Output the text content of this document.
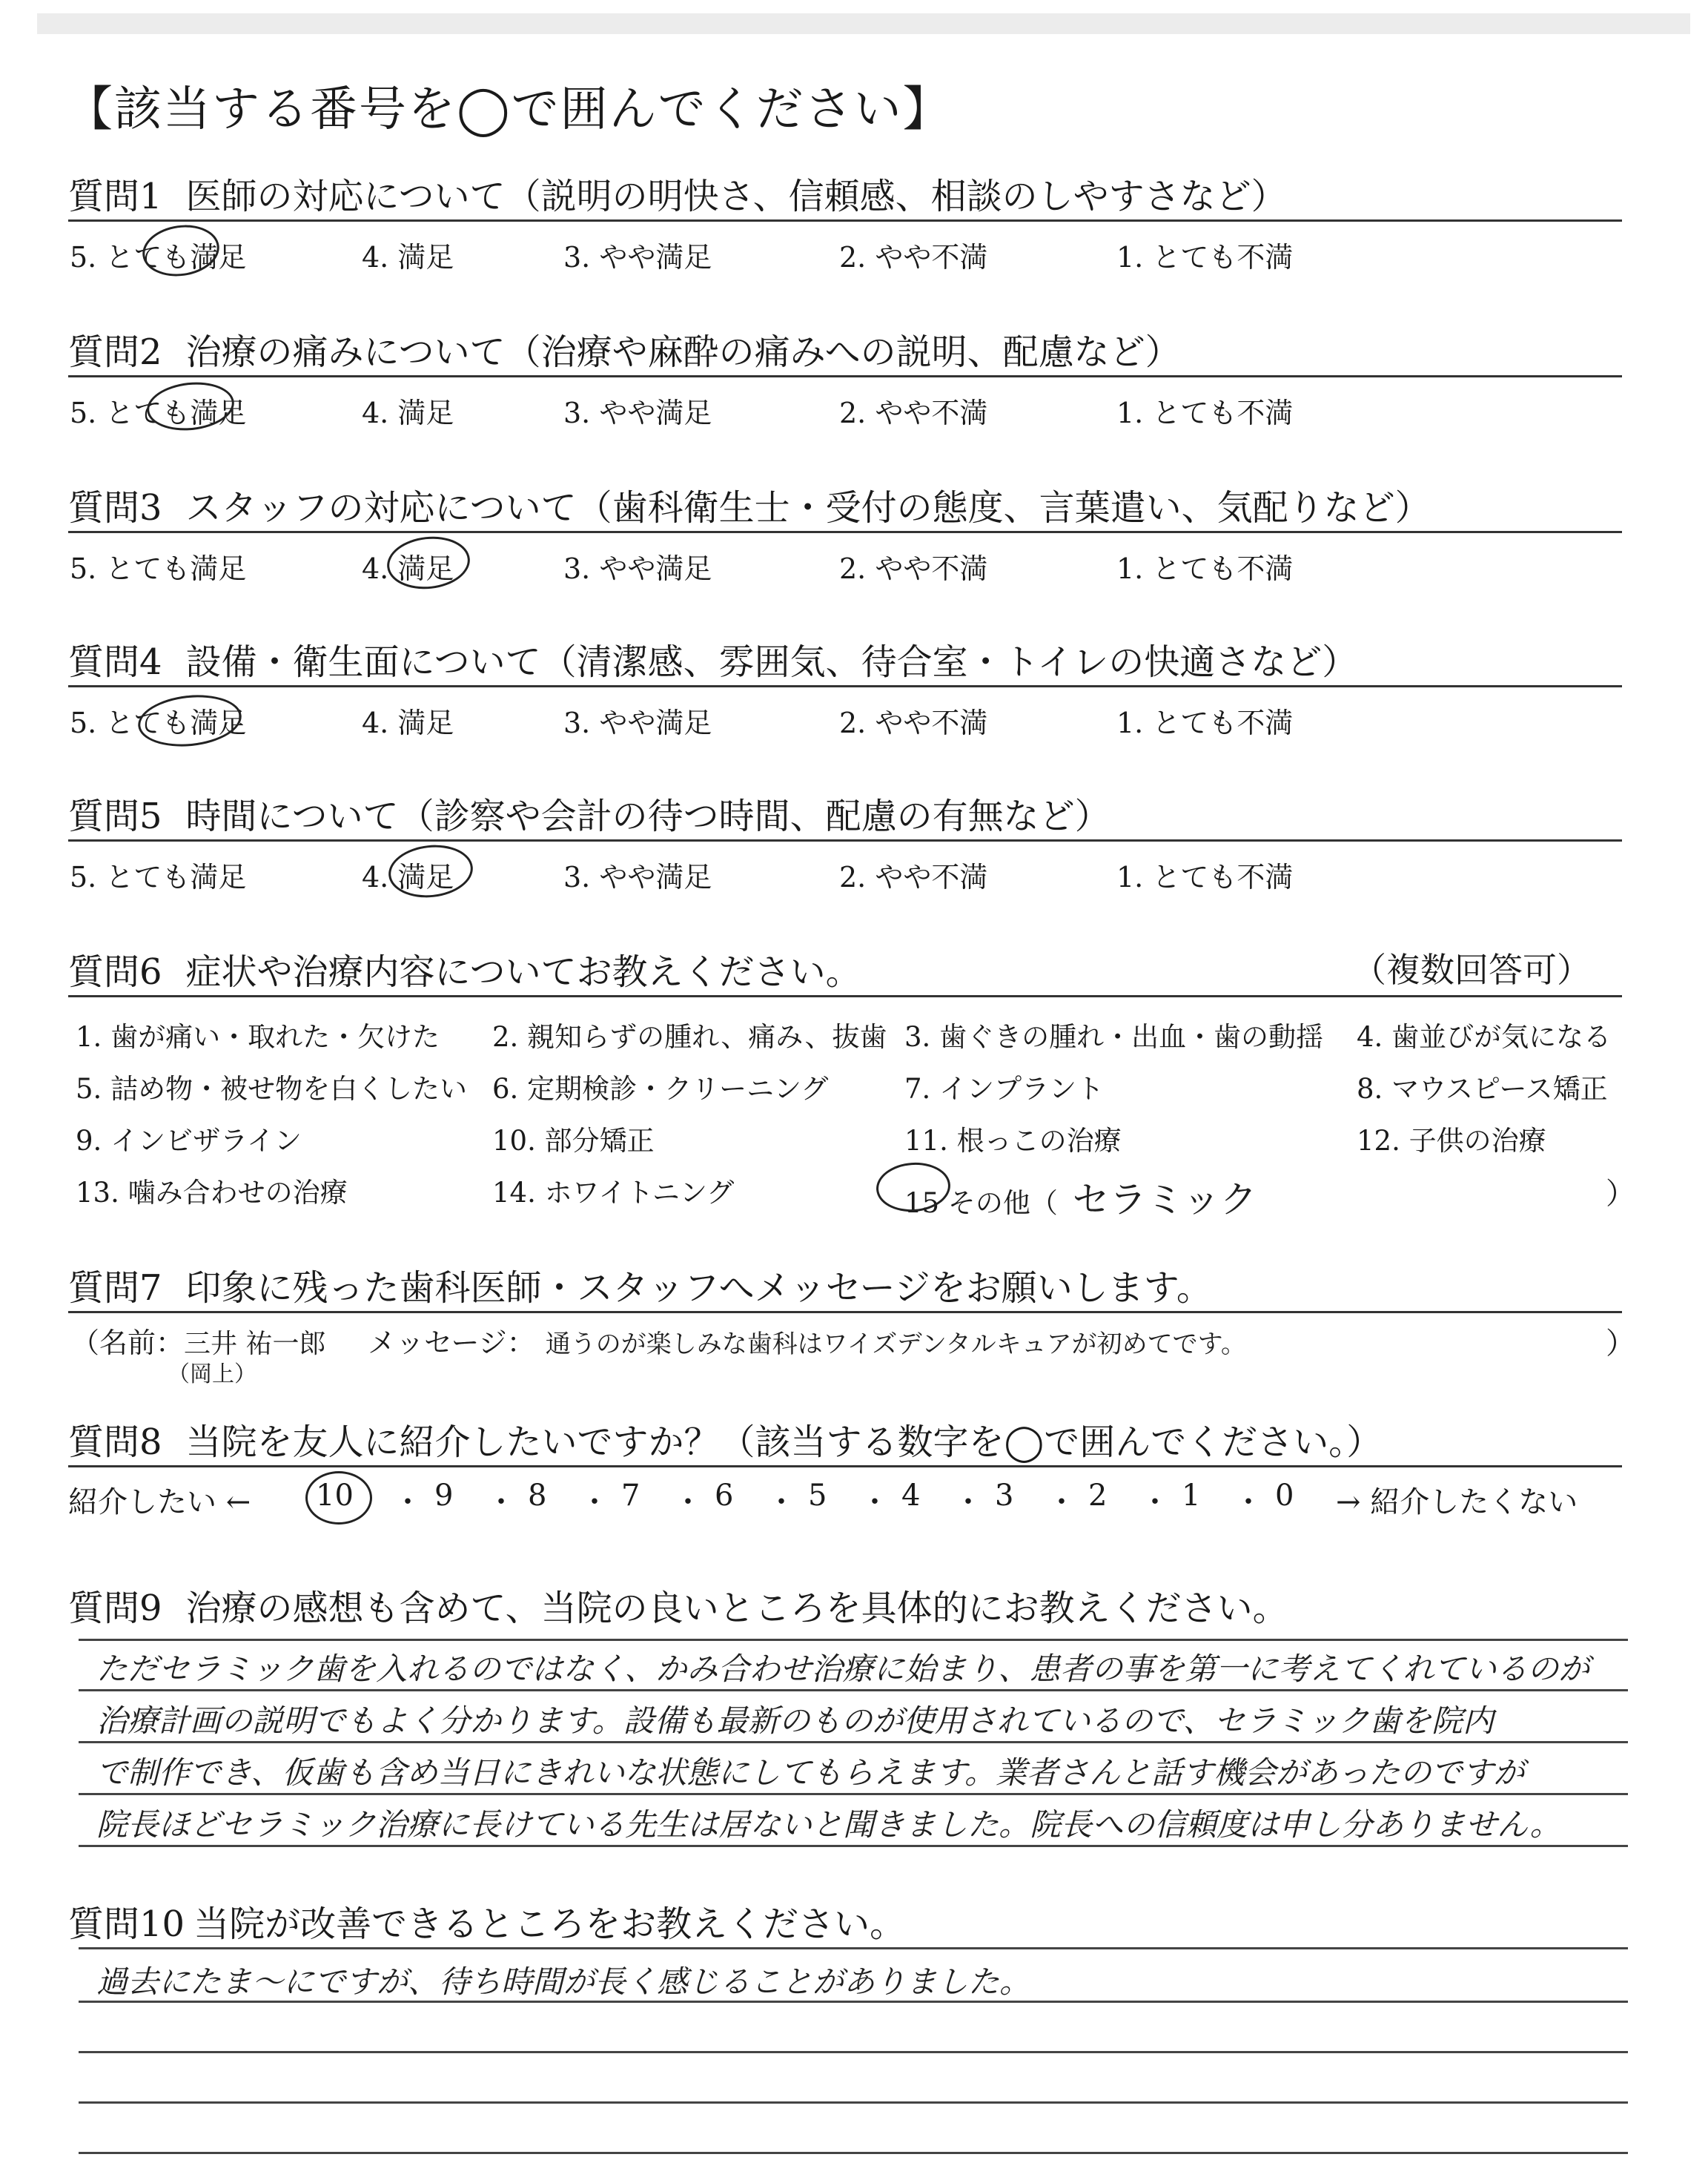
【該当する番号を◯で囲んでください】
質問1 医師の対応について（説明の明快さ、信頼感、相談のしやすさなど）
5. とても満足	4. 満足	3. やや満足	2. やや不満	1. とても不満
質問2 治療の痛みについて（治療や麻酔の痛みへの説明、配慮など）
5. とても満足	4. 満足	3. やや満足	2. やや不満	1. とても不満
質問3 スタッフの対応について（歯科衛生士・受付の態度、言葉遣い、気配りなど）
5. とても満足	4. 満足	3. やや満足	2. やや不満	1. とても不満
質問4 設備・衛生面について（清潔感、雰囲気、待合室・トイレの快適さなど）
5. とても満足	4. 満足	3. やや満足	2. やや不満	1. とても不満
質問5 時間について（診察や会計の待つ時間、配慮の有無など）
5. とても満足	4. 満足	3. やや満足	2. やや不満	1. とても不満
質問6 症状や治療内容についてお教えください。	（複数回答可）
1. 歯が痛い・取れた・欠けた 2. 親知らずの腫れ、痛み、抜歯 3. 歯ぐきの腫れ・出血・歯の動揺 4. 歯並びが気になる
5. 詰め物・被せ物を白くしたい 6. 定期検診・クリーニング	7. インプラント	8. マウスピース矯正
9. インビザライン	10. 部分矯正	11. 根っこの治療	12. 子供の治療
13. 噛み合わせの治療	14. ホワイトニング	15 その他（ セラミック	）
質問7 印象に残った歯科医師・スタッフへメッセージをお願いします。
（名前：三井 祐一郎
（岡上）
メッセージ： 通うのが楽しみな歯科はワイズデンタルキュアが初めてです。	）
質問8 当院を友人に紹介したいですか？（該当する数字を◯で囲んでください。）
紹介したい ← 10 ・ 9 ・ 8 ・ 7 ・ 6 ・ 5 ・ 4 ・ 3 ・ 2 ・ 1 ・ 0 → 紹介したくない
質問9 治療の感想も含めて、当院の良いところを具体的にお教えください。
ただセラミック歯を入れるのではなく、かみ合わせ治療に始まり、患者の事を第一に考えてくれているのが
治療計画の説明でもよく分かります。設備も最新のものが使用されているので、セラミック歯を院内
で制作でき、仮歯も含め当日にきれいな状態にしてもらえます。業者さんと話す機会があったのですが
院長ほどセラミック治療に長けている先生は居ないと聞きました。院長への信頼度は申し分ありません。
質問10 当院が改善できるところをお教えください。
過去にたま〜にですが、待ち時間が長く感じることがありました。
